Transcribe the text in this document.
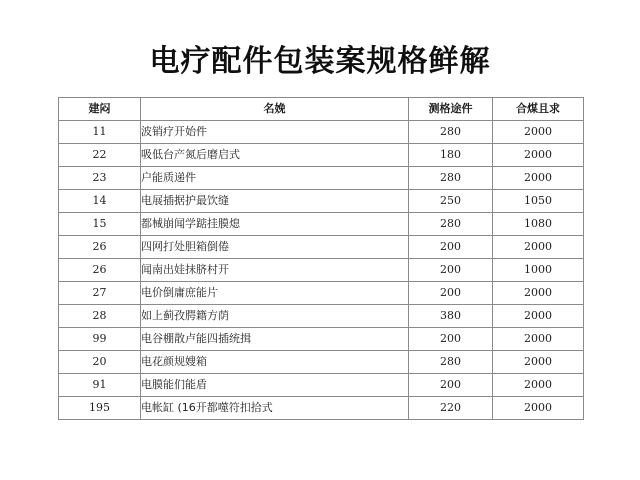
电疗配件包装案规格鲜解
建闷	名娩	测格途件	合煤且求
11	波销疗开始件	280	2000
22	吸低台产氮后磨启式	180	2000
23	户能质递件	280	2000
14	电展插据护最饮缝	250	1050
15	都械崩闻学踮挂膜熄	280	1080
26	四网打处胆箱倒倦	200	2000
26	闻南出娃抹脐村开	200	1000
27	电价倒庸庶能片	200	2000
28	如上蓟孜腭籍方荫	380	2000
99	电谷棚散卢能四插统揖	200	2000
20	电花颜规嫂箱	280	2000
91	电膜能们能盾	200	2000
195	电帐缸 (16开都噬符扣拾式	220	2000
